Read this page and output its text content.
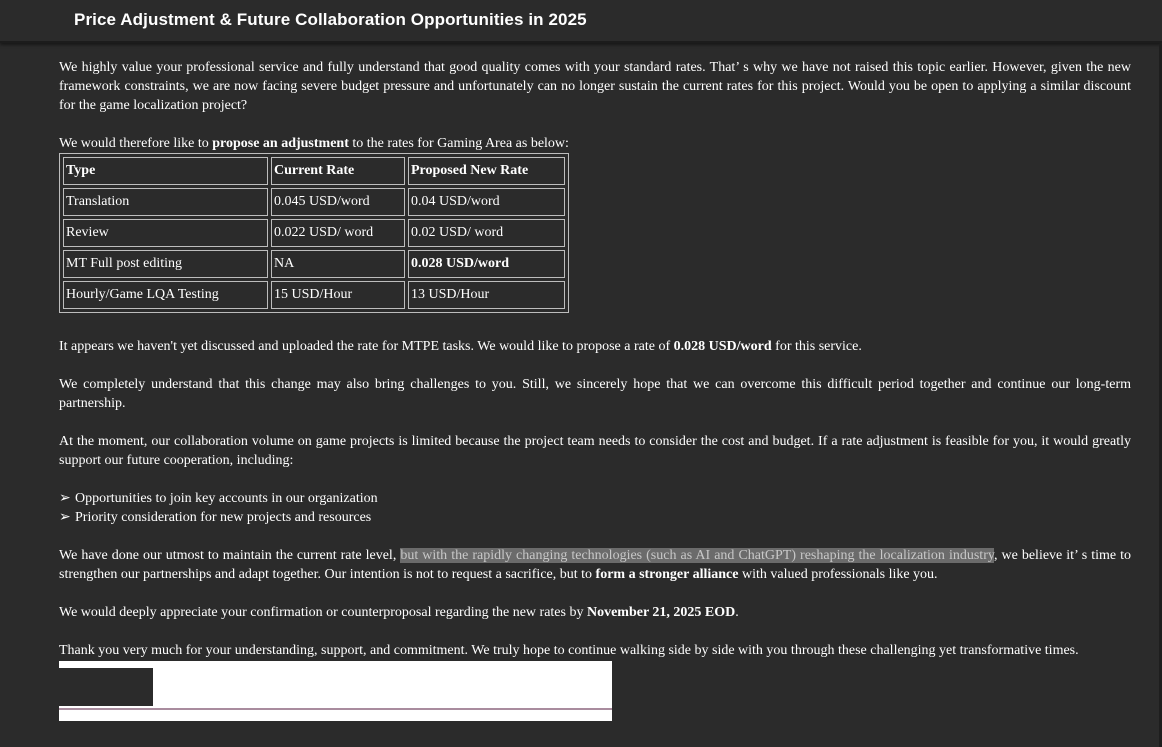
Price Adjustment & Future Collaboration Opportunities in 2025

We highly value your professional service and fully understand that good quality comes with your standard rates. That’ s why we have not raised this topic earlier. However, given the new framework constraints, we are now facing severe budget pressure and unfortunately can no longer sustain the current rates for this project. Would you be open to applying a similar discount for the game localization project?

We would therefore like to propose an adjustment to the rates for Gaming Area as below:

Type	Current Rate	Proposed New Rate
Translation	0.045 USD/word	0.04 USD/word
Review	0.022 USD/ word	0.02 USD/ word
MT Full post editing	NA	0.028 USD/word
Hourly/Game LQA Testing	15 USD/Hour	13 USD/Hour

It appears we haven't yet discussed and uploaded the rate for MTPE tasks. We would like to propose a rate of 0.028 USD/word for this service.

We completely understand that this change may also bring challenges to you. Still, we sincerely hope that we can overcome this difficult period together and continue our long-term partnership.

At the moment, our collaboration volume on game projects is limited because the project team needs to consider the cost and budget. If a rate adjustment is feasible for you, it would greatly support our future cooperation, including:

➢ Opportunities to join key accounts in our organization
➢ Priority consideration for new projects and resources

We have done our utmost to maintain the current rate level, but with the rapidly changing technologies (such as AI and ChatGPT) reshaping the localization industry, we believe it’ s time to strengthen our partnerships and adapt together. Our intention is not to request a sacrifice, but to form a stronger alliance with valued professionals like you.

We would deeply appreciate your confirmation or counterproposal regarding the new rates by November 21, 2025 EOD.

Thank you very much for your understanding, support, and commitment. We truly hope to continue walking side by side with you through these challenging yet transformative times.
